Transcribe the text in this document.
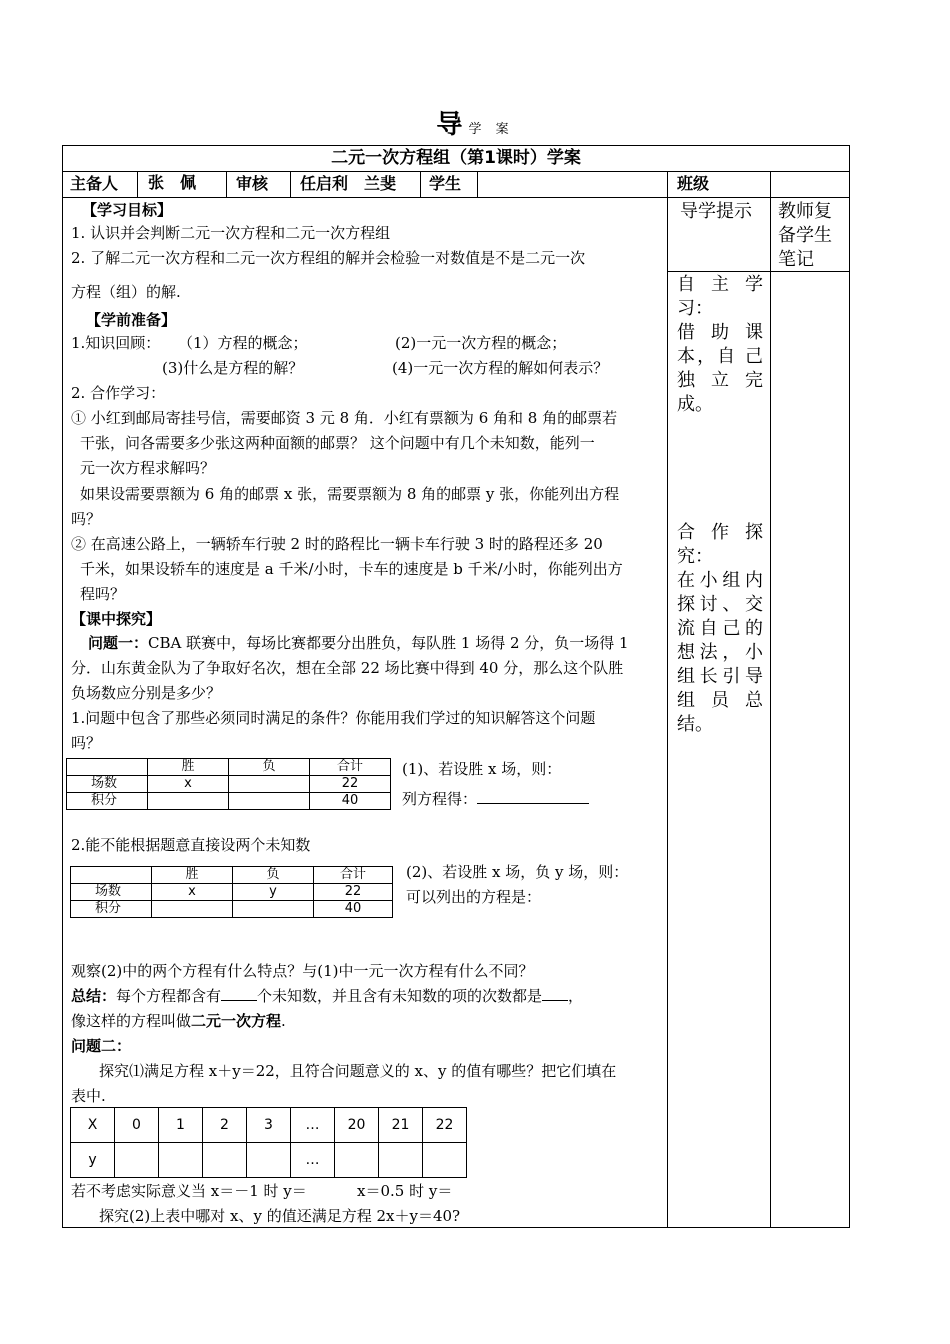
导学 案
二元一次方程组（第1课时）学案
主备人 张　佩 审核 任启利　兰斐 学生	班级
导学提示 教师复
备学生
笔记
自 主 学
习：
借 助 课
本，自 己
独 立 完
成。
合 作 探
究：
在小组内
探讨、交
流自己的
想法，小
组长引导
组 员 总
结。
【学习目标】
1. 认识并会判断二元一次方程和二元一次方程组
2. 了解二元一次方程和二元一次方程组的解并会检验一对数值是不是二元一次
方程（组）的解.
【学前准备】
1.知识回顾： （1）方程的概念；	(2)一元一次方程的概念；
(3)什么是方程的解？	(4)一元一次方程的解如何表示？
2. 合作学习：
① 小红到邮局寄挂号信，需要邮资 3 元 8 角．小红有票额为 6 角和 8 角的邮票若
干张，问各需要多少张这两种面额的邮票？ 这个问题中有几个未知数，能列一
元一次方程求解吗？
如果设需要票额为 6 角的邮票 x 张，需要票额为 8 角的邮票 y 张，你能列出方程
吗？
② 在高速公路上，一辆轿车行驶 2 时的路程比一辆卡车行驶 3 时的路程还多 20
千米，如果设轿车的速度是 a 千米/小时，卡车的速度是 b 千米/小时，你能列出方
程吗？
【课中探究】
问题一：CBA 联赛中，每场比赛都要分出胜负，每队胜 1 场得 2 分，负一场得 1
分．山东黄金队为了争取好名次，想在全部 22 场比赛中得到 40 分，那么这个队胜
负场数应分别是多少？
1.问题中包含了那些必须同时满足的条件？你能用我们学过的知识解答这个问题
吗？
	胜	负	合计
场数	x		22
积分			40
(1)、若设胜 x 场，则：
列方程得：
2.能不能根据题意直接设两个未知数
	胜	负	合计
场数	x	y	22
积分			40
(2)、若设胜 x 场，负 y 场，则：
可以列出的方程是：
观察(2)中的两个方程有什么特点？与(1)中一元一次方程有什么不同？
总结：每个方程都含有 个未知数，并且含有未知数的项的次数都是 ，
像这样的方程叫做二元一次方程.
问题二：
探究⑴满足方程 x＋y＝22，且符合问题意义的 x、y 的值有哪些？把它们填在
表中.
X	0	1	2	3	…	20	21	22
y					…			
若不考虑实际意义当 x＝－1 时 y＝	x＝0.5 时 y＝
探究(2)上表中哪对 x、y 的值还满足方程 2x＋y＝40?
